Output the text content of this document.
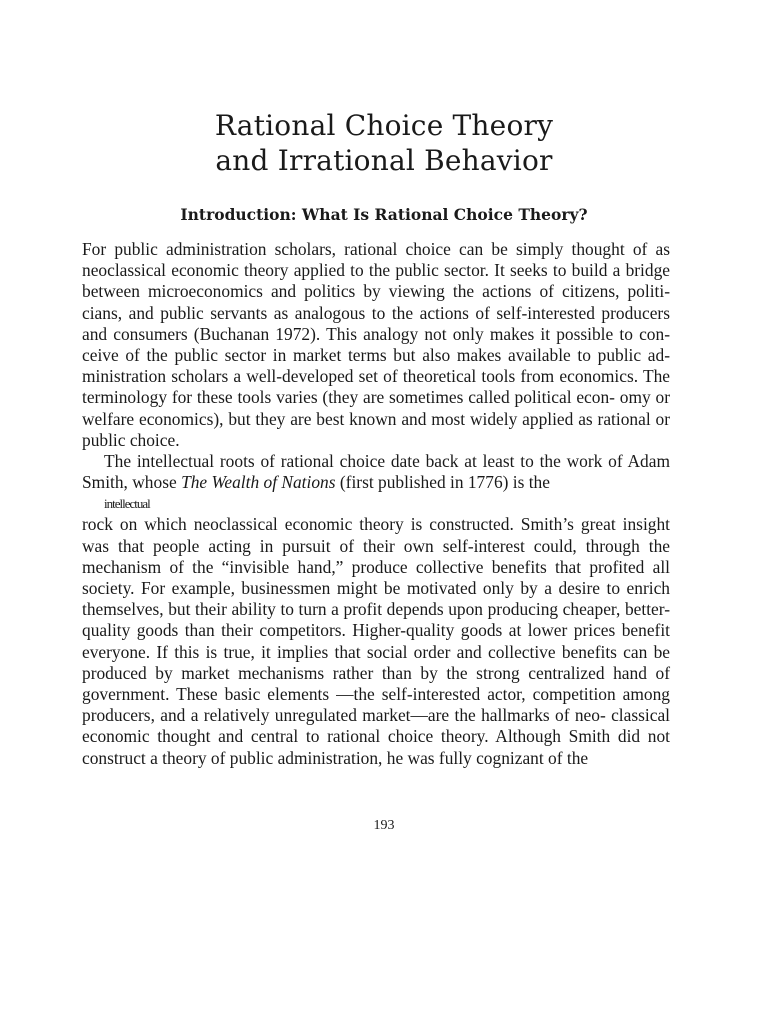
Rational Choice Theory
and Irrational Behavior
Introduction: What Is Rational Choice Theory?

For public administration scholars, rational choice can be simply thought of as neoclassical economic theory applied to the public sector. It seeks to build a bridge between microeconomics and politics by viewing the actions of citizens, politi- cians, and public servants as analogous to the actions of self-interested producers and consumers (Buchanan 1972). This analogy not only makes it possible to con- ceive of the public sector in market terms but also makes available to public ad- ministration scholars a well-developed set of theoretical tools from economics. The terminology for these tools varies (they are sometimes called political econ- omy or welfare economics), but they are best known and most widely applied as rational or public choice.

The intellectual roots of rational choice date back at least to the work of Adam Smith, whose The Wealth of Nations (first published in 1776) is the
intellectual

rock on which neoclassical economic theory is constructed. Smith’s great insight was that people acting in pursuit of their own self-interest could, through the mechanism of the “invisible hand,” produce collective benefits that profited all society. For example, businessmen might be motivated only by a desire to enrich themselves, but their ability to turn a profit depends upon producing cheaper, better-quality goods than their competitors. Higher-quality goods at lower prices benefit everyone. If this is true, it implies that social order and collective benefits can be produced by market mechanisms rather than by the strong centralized hand of government. These basic elements —the self-interested actor, competition among producers, and a relatively unregulated market—are the hallmarks of neo- classical economic thought and central to rational choice theory. Although Smith did not construct a theory of public administration, he was fully cognizant of the

193
